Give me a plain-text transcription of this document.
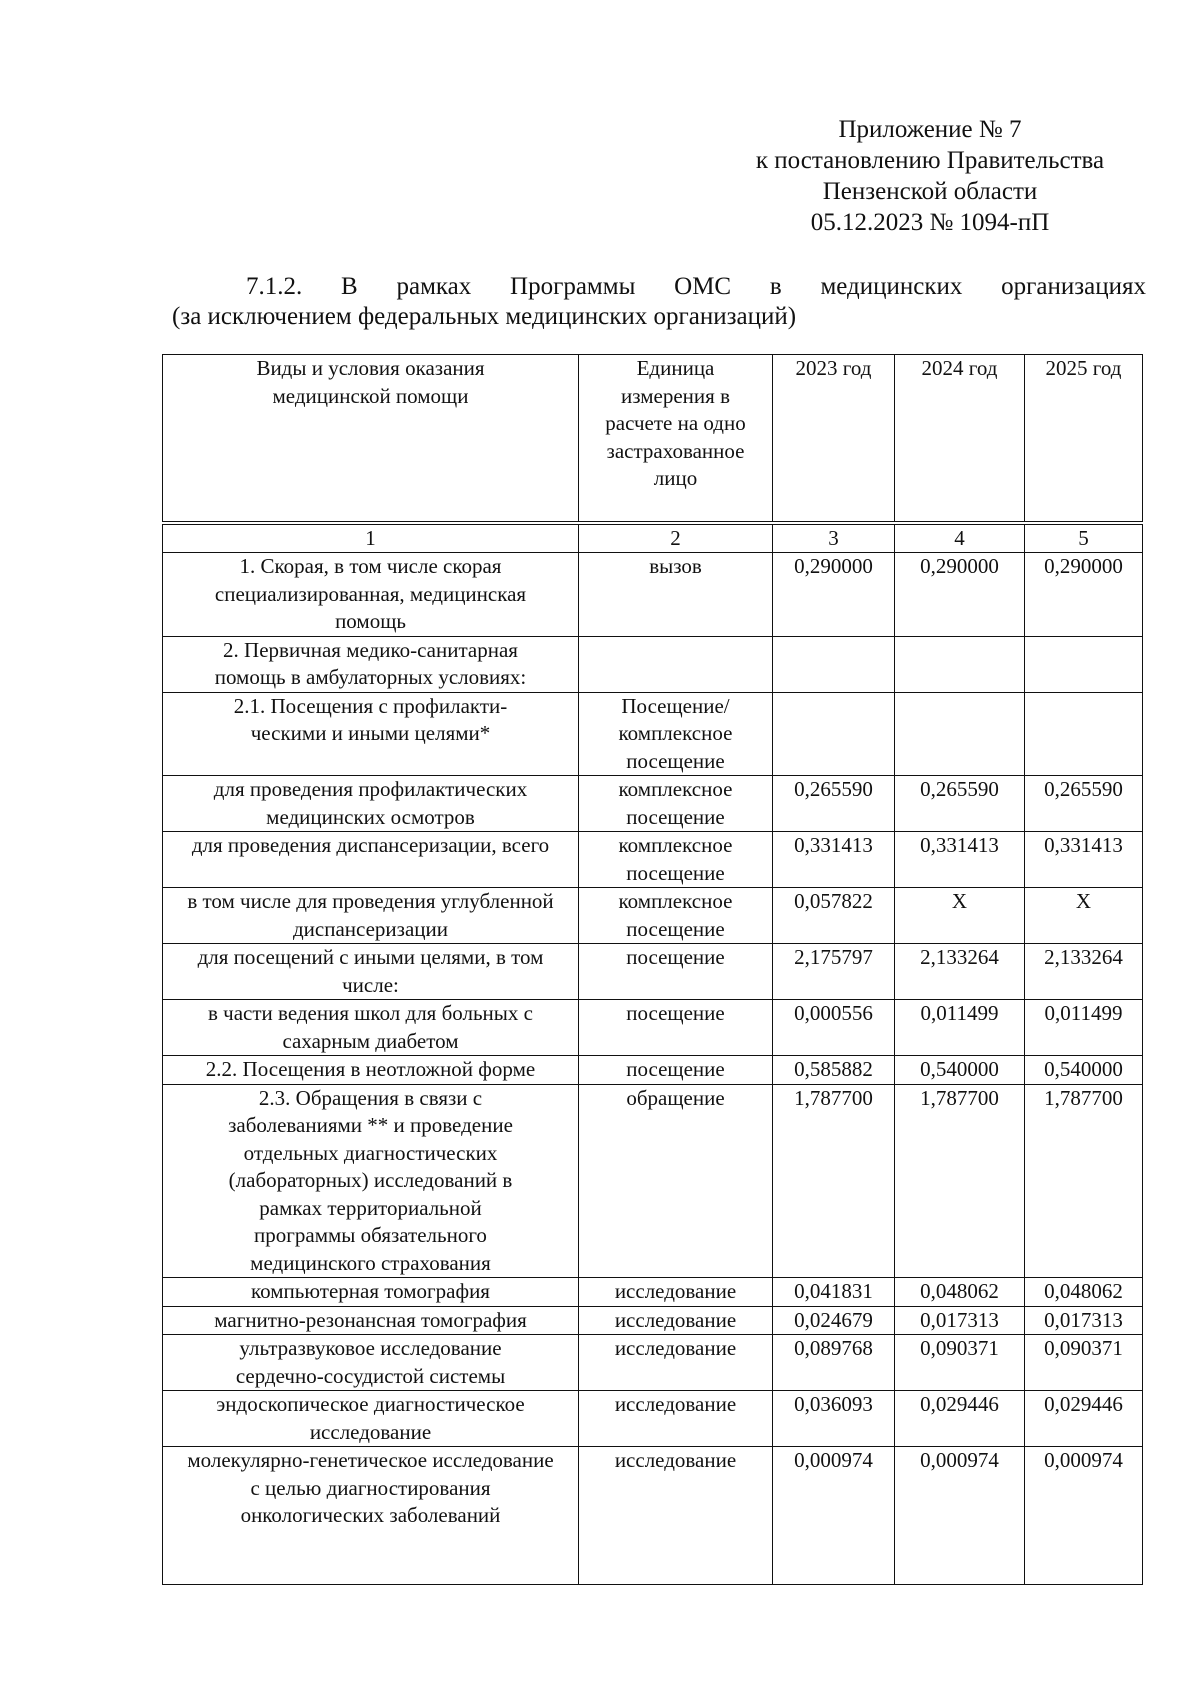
Приложение № 7
к постановлению Правительства
Пензенской области
05.12.2023 № 1094-пП
7.1.2. В рамках Программы ОМС в медицинских организациях
(за исключением федеральных медицинских организаций)
Виды и условия оказания медицинской помощи	Единица измерения в расчете на одно застрахованное лицо	2023 год	2024 год	2025 год
1	2	3	4	5
1. Скорая, в том числе скорая специализированная, медицинская помощь	вызов	0,290000	0,290000	0,290000
2. Первичная медико-санитарная помощь в амбулаторных условиях:				
2.1. Посещения с профилакти-ческими и иными целями*	Посещение/ комплексное посещение			
для проведения профилактических медицинских осмотров	комплексное посещение	0,265590	0,265590	0,265590
для проведения диспансеризации, всего	комплексное посещение	0,331413	0,331413	0,331413
в том числе для проведения углубленной диспансеризации	комплексное посещение	0,057822	Х	Х
для посещений с иными целями, в том числе:	посещение	2,175797	2,133264	2,133264
в части ведения школ для больных с сахарным диабетом	посещение	0,000556	0,011499	0,011499
2.2. Посещения в неотложной форме	посещение	0,585882	0,540000	0,540000
2.3. Обращения в связи с заболеваниями ** и проведение отдельных диагностических (лабораторных) исследований в рамках территориальной программы обязательного медицинского страхования	обращение	1,787700	1,787700	1,787700
компьютерная томография	исследование	0,041831	0,048062	0,048062
магнитно-резонансная томография	исследование	0,024679	0,017313	0,017313
ультразвуковое исследование сердечно-сосудистой системы	исследование	0,089768	0,090371	0,090371
эндоскопическое диагностическое исследование	исследование	0,036093	0,029446	0,029446
молекулярно-генетическое исследование с целью диагностирования онкологических заболеваний	исследование	0,000974	0,000974	0,000974
